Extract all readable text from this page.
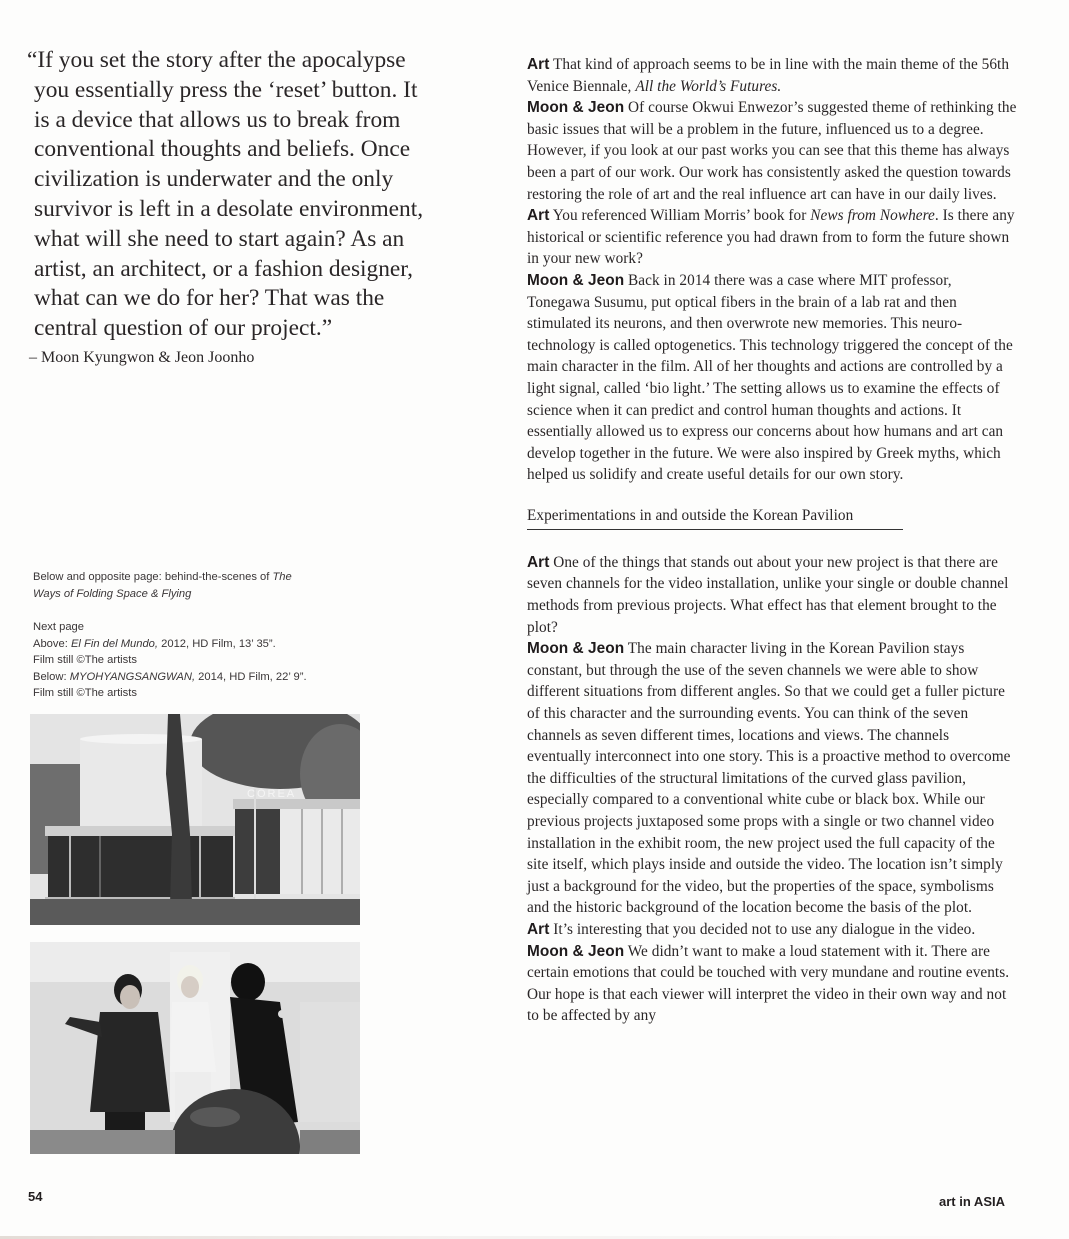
“If you set the story after the apocalypse

you essentially press the ‘reset’ button. It

is a device that allows us to break from

conventional thoughts and beliefs. Once

civilization is underwater and the only

survivor is left in a desolate environment,

what will she need to start again? As an

artist, an architect, or a fashion designer,

what can we do for her? That was the

central question of our project.”

– Moon Kyungwon & Jeon Joonho
Below and opposite page: behind-the-scenes of The
Ways of Folding Space & Flying
Next page
Above: El Fin del Mundo, 2012, HD Film, 13’ 35”.
Film still ©The artists
Below: MYOHYANGSANGWAN, 2014, HD Film, 22’ 9”.
Film still ©The artists
COREA

Art That kind of approach seems to be in line with the main theme of the 56th Venice Biennale, All the World’s Futures.

Moon & Jeon Of course Okwui Enwezor’s suggested theme of rethinking the basic issues that will be a problem in the future, influenced us to a degree. However, if you look at our past works you can see that this theme has always been a part of our work. Our work has consistently asked the question towards restoring the role of art and the real influence art can have in our daily lives.

Art You referenced William Morris’ book for News from Nowhere. Is there any historical or scientific reference you had drawn from to form the future shown in your new work?

Moon & Jeon Back in 2014 there was a case where MIT professor, Tonegawa Susumu, put optical fibers in the brain of a lab rat and then stimulated its neurons, and then overwrote new memories. This neuro-technology is called optogenetics. This technology triggered the concept of the main character in the film. All of her thoughts and actions are controlled by a light signal, called ‘bio light.’ The setting allows us to examine the effects of science when it can predict and control human thoughts and actions. It essentially allowed us to express our concerns about how humans and art can develop together in the future. We were also inspired by Greek myths, which helped us solidify and create useful details for our own story.

Experimentations in and outside the Korean Pavilion

Art One of the things that stands out about your new project is that there are seven channels for the video installation, unlike your single or double channel methods from previous projects. What effect has that element brought to the plot?

Moon & Jeon The main character living in the Korean Pavilion stays constant, but through the use of the seven channels we were able to show different situations from different angles. So that we could get a fuller picture of this character and the surrounding events. You can think of the seven channels as seven different times, locations and views. The channels eventually interconnect into one story. This is a proactive method to overcome the difficulties of the structural limitations of the curved glass pavilion, especially compared to a conventional white cube or black box. While our previous projects juxtaposed some props with a single or two channel video installation in the exhibit room, the new project used the full capacity of the site itself, which plays inside and outside the video. The location isn’t simply just a background for the video, but the properties of the space, symbolisms and the historic background of the location become the basis of the plot.

Art It’s interesting that you decided not to use any dialogue in the video.

Moon & Jeon We didn’t want to make a loud statement with it. There are certain emotions that could be touched with very mundane and routine events. Our hope is that each viewer will interpret the video in their own way and not to be affected by any

54	art in ASIA
